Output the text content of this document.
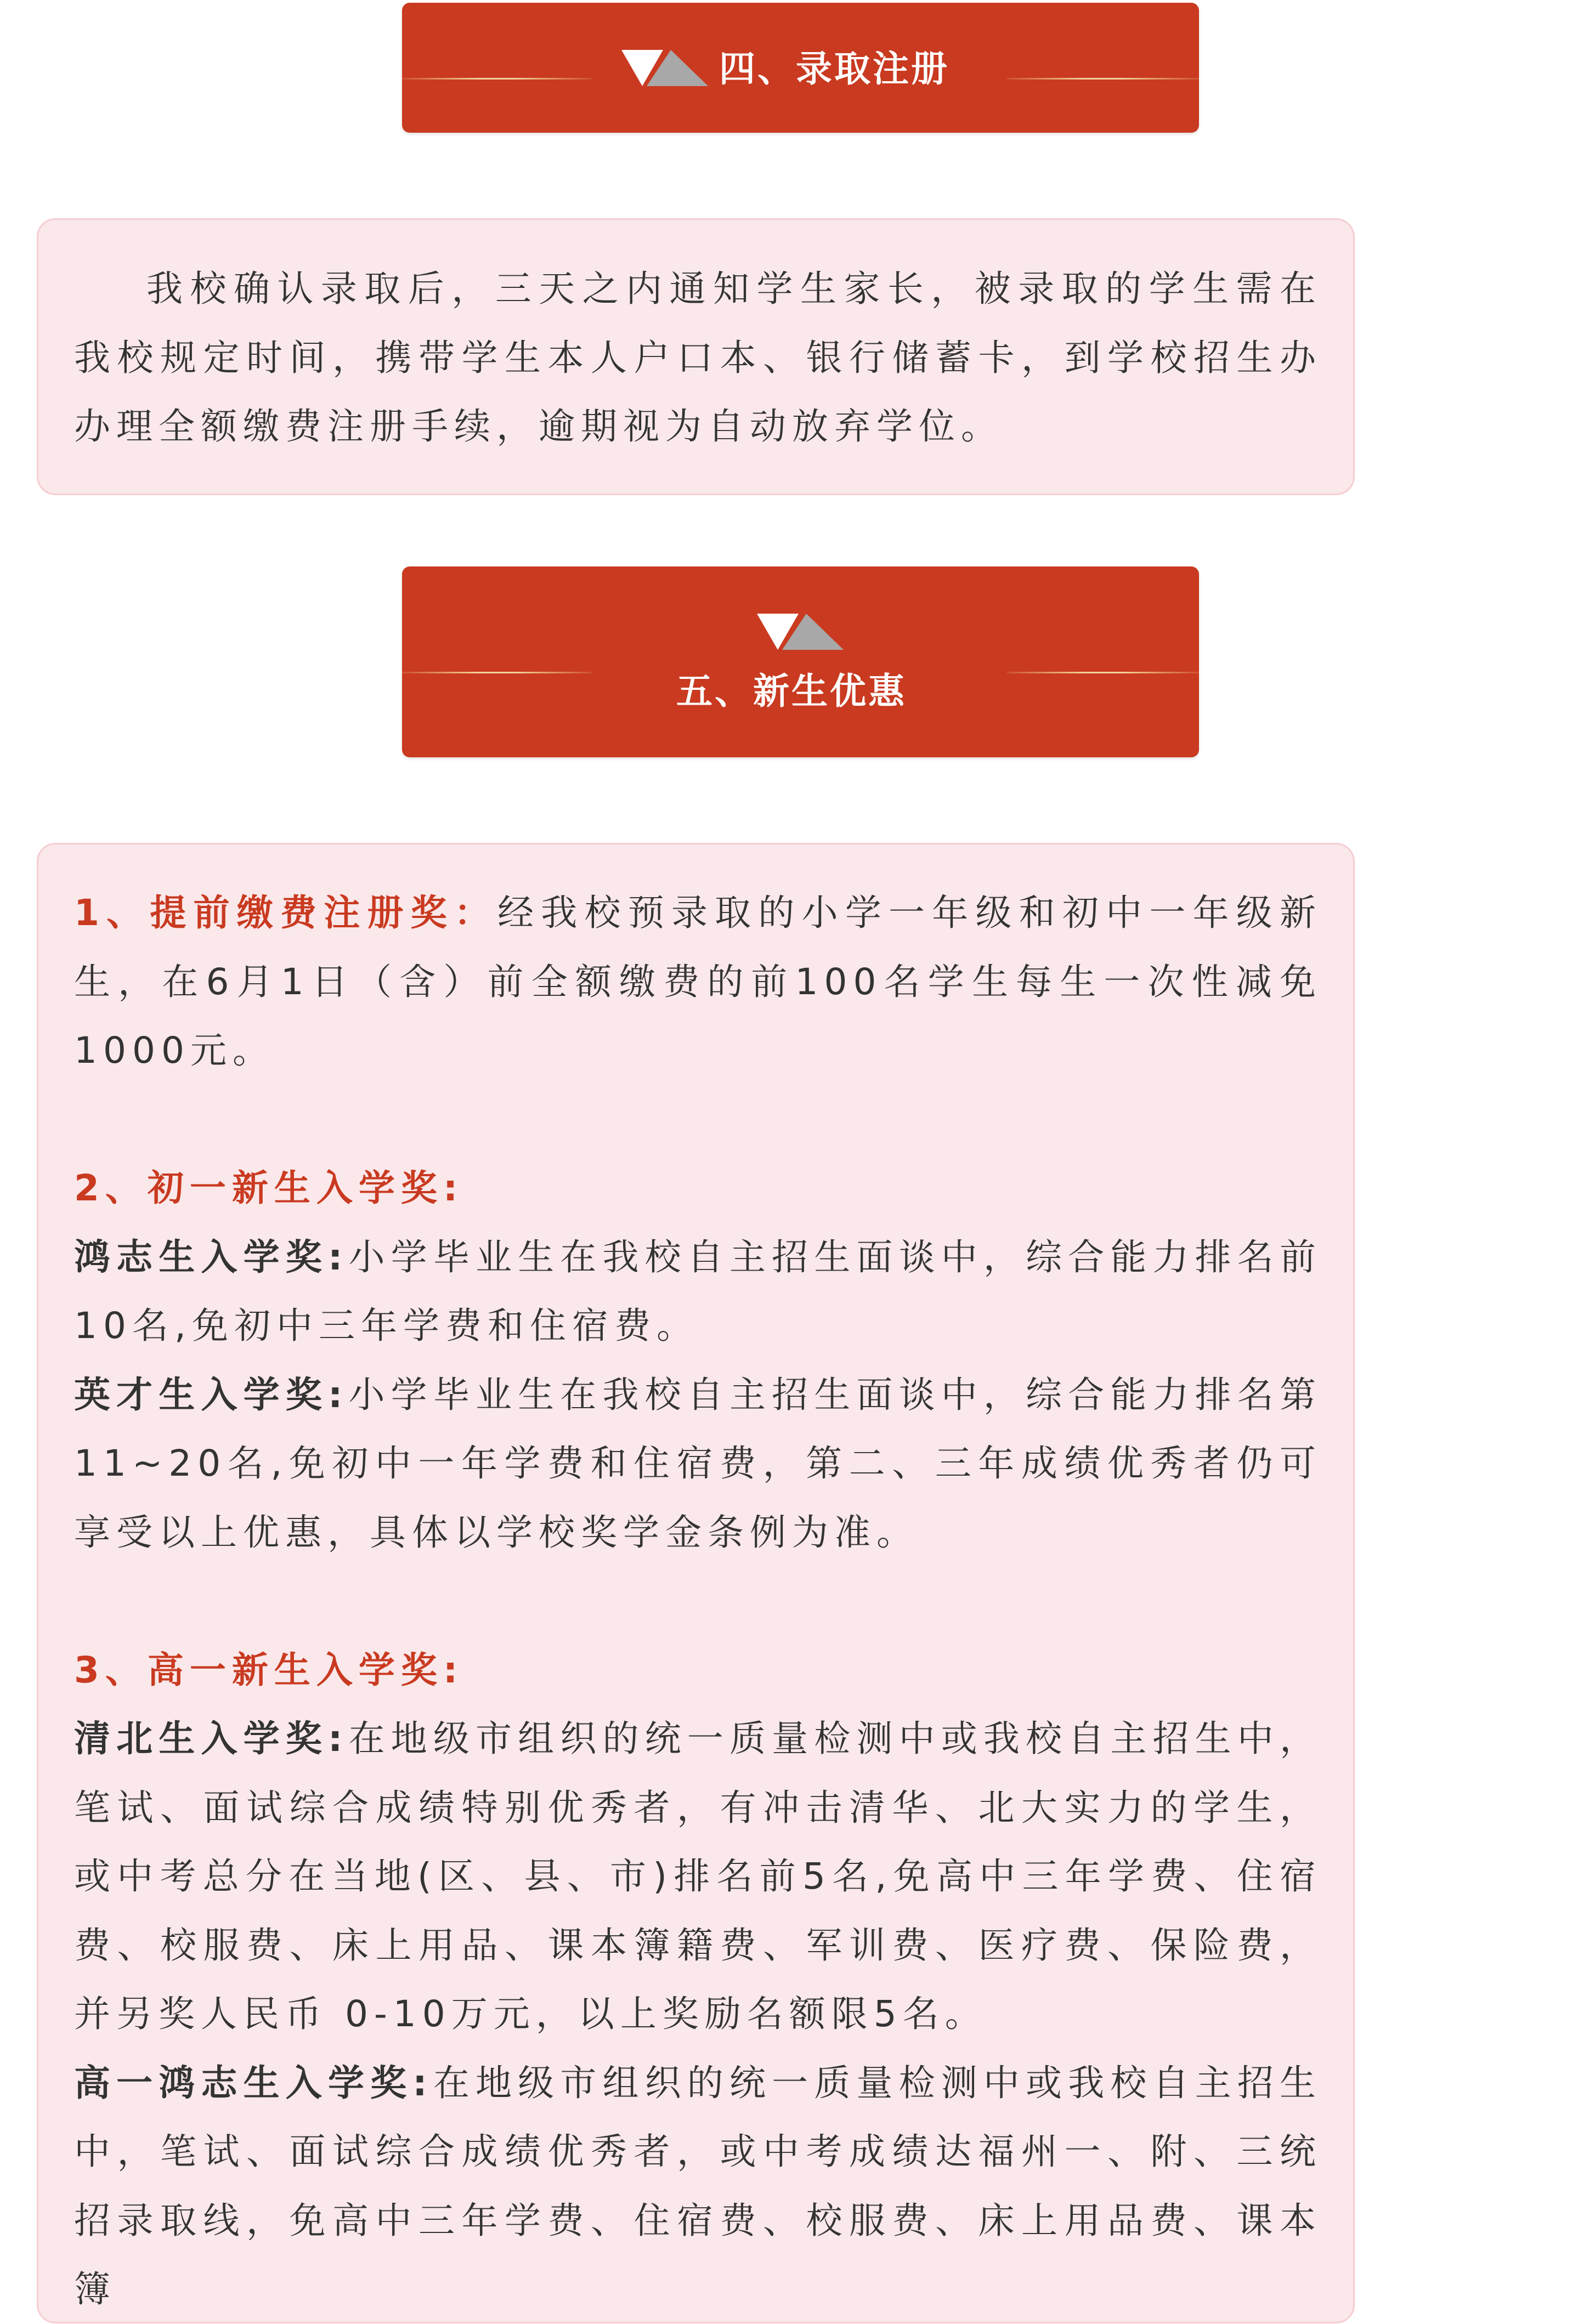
四、录取注册

我校确认录取后，三天之内通知学生家长，被录取的学生需在我校规定时间，携带学生本人户口本、银行储蓄卡，到学校招生办办理全额缴费注册手续，逾期视为自动放弃学位。

五、新生优惠

1、提前缴费注册奖：经我校预录取的小学一年级和初中一年级新生，在6月1日（含）前全额缴费的前100名学生每生一次性减免1000元。

2、初一新生入学奖:

鸿志生入学奖:小学毕业生在我校自主招生面谈中，综合能力排名前10名,免初中三年学费和住宿费。

英才生入学奖:小学毕业生在我校自主招生面谈中，综合能力排名第11~20名,免初中一年学费和住宿费，第二、三年成绩优秀者仍可享受以上优惠，具体以学校奖学金条例为准。

3、高一新生入学奖:

清北生入学奖:在地级市组织的统一质量检测中或我校自主招生中，笔试、面试综合成绩特别优秀者，有冲击清华、北大实力的学生，或中考总分在当地(区、县、市)排名前5名,免高中三年学费、住宿费、校服费、床上用品、课本簿籍费、军训费、医疗费、保险费，并另奖人民币 0-10万元，以上奖励名额限5名。

高一鸿志生入学奖:在地级市组织的统一质量检测中或我校自主招生中，笔试、面试综合成绩优秀者，或中考成绩达福州一、附、三统招录取线，免高中三年学费、住宿费、校服费、床上用品费、课本簿
